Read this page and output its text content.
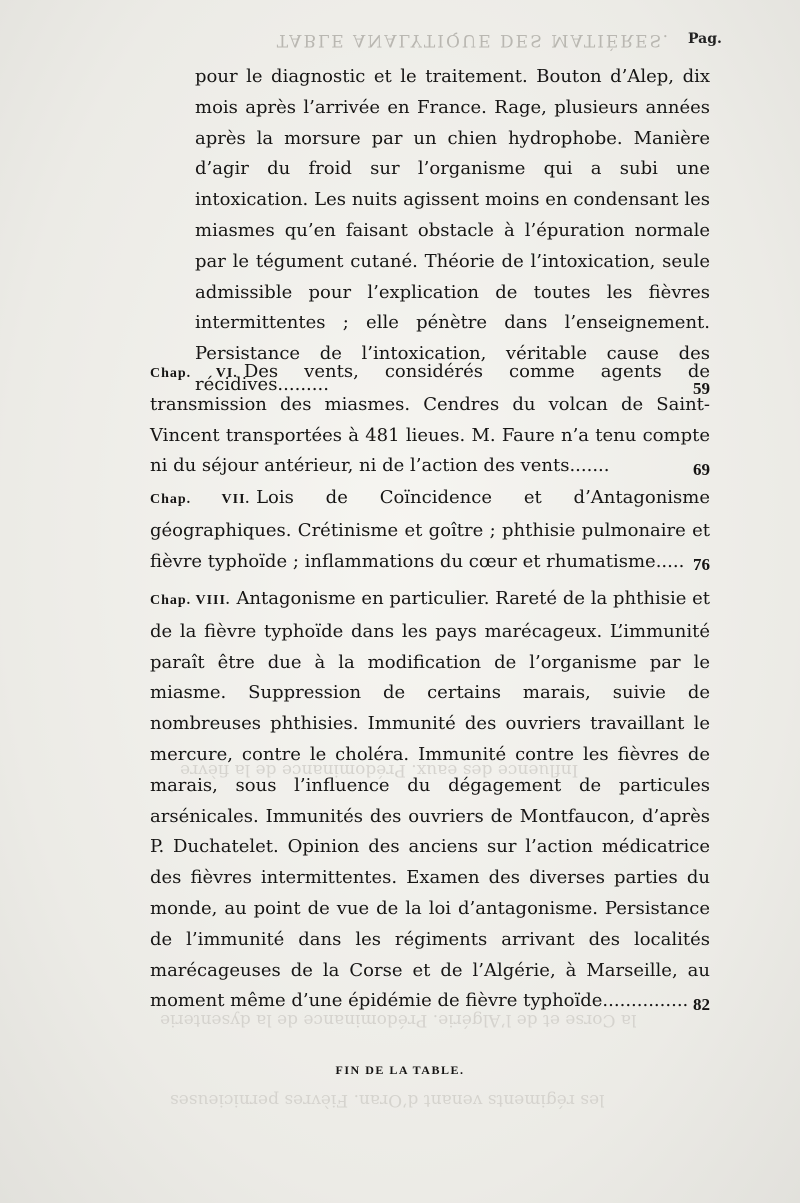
les régiments venant d’Oran. Fièvres pernicieuses
la Corse et de l’Algérie. Prédominance de la dysenterie
Influence des eaux. Prédominance de la fièvre
TABLE ANALYTIQUE DES MATIÈRES. Pag.

pour le diagnostic et le traitement. Bouton d’Alep, dix mois après l’arrivée en France. Rage, plusieurs années après la morsure par un chien hydrophobe. Manière d’agir du froid sur l’organisme qui a subi une intoxication. Les nuits agissent moins en condensant les miasmes qu’en faisant obstacle à l’épuration normale par le tégument cutané. Théorie de l’intoxication, seule admissible pour l’explication de toutes les fièvres intermittentes ; elle pénètre dans l’enseignement. Persistance de l’intoxication, véritable cause des récidives.........	59

Chap. VI. Des vents, considérés comme agents de transmission des miasmes. Cendres du volcan de Saint-Vincent transportées à 481 lieues. M. Faure n’a tenu compte ni du séjour antérieur, ni de l’action des vents.......	69

Chap. VII. Lois de Coïncidence et d’Antagonisme géographiques. Crétinisme et goître ; phthisie pulmonaire et fièvre typhoïde ; inflammations du cœur et rhumatisme..... 76

Chap. VIII. Antagonisme en particulier. Rareté de la phthisie et de la fièvre typhoïde dans les pays marécageux. L’immunité paraît être due à la modification de l’organisme par le miasme. Suppression de certains marais, suivie de nombreuses phthisies. Immunité des ouvriers travaillant le mercure, contre le choléra. Immunité contre les fièvres de marais, sous l’influence du dégagement de particules arsénicales. Immunités des ouvriers de Montfaucon, d’après P. Duchatelet. Opinion des anciens sur l’action médicatrice des fièvres intermittentes. Examen des diverses parties du monde, au point de vue de la loi d’antagonisme. Persistance de l’immunité dans les régiments arrivant des localités marécageuses de la Corse et de l’Algérie, à Marseille, au moment même d’une épidémie de fièvre typhoïde............... 82
FIN DE LA TABLE.
